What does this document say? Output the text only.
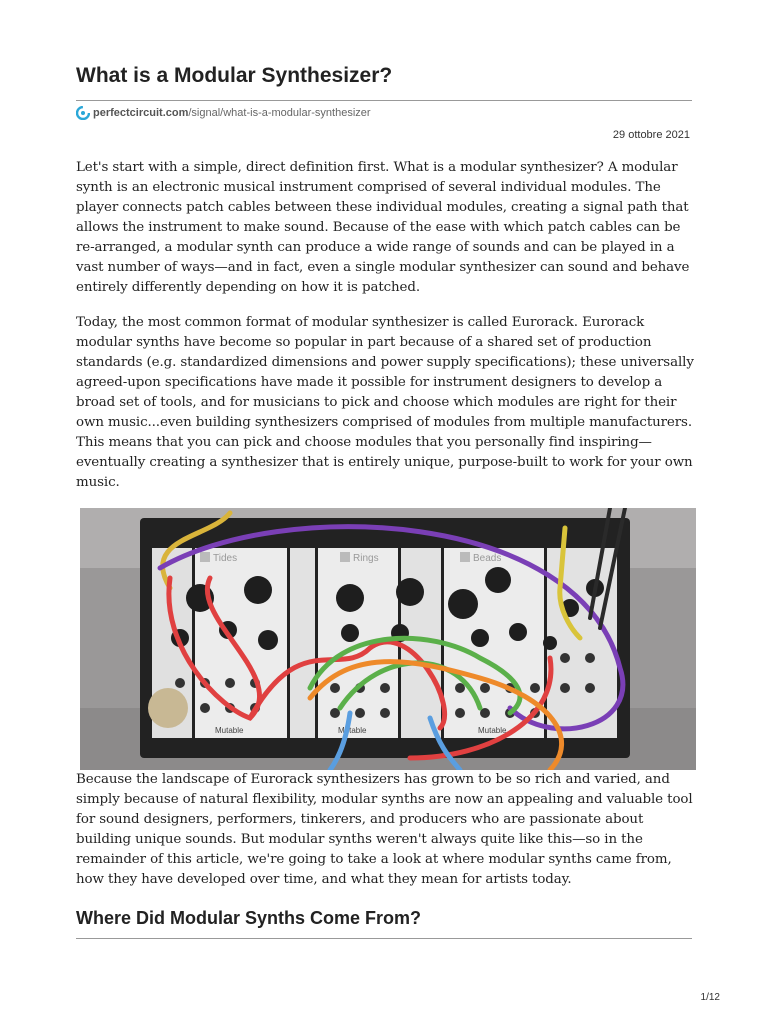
What is a Modular Synthesizer?
perfectcircuit.com /signal/what-is-a-modular-synthesizer
29 ottobre 2021

Let's start with a simple, direct definition first. What is a modular synthesizer? A modular synth is an electronic musical instrument comprised of several individual modules. The player connects patch cables between these individual modules, creating a signal path that allows the instrument to make sound. Because of the ease with which patch cables can be re-arranged, a modular synth can produce a wide range of sounds and can be played in a vast number of ways—and in fact, even a single modular synthesizer can sound and behave entirely differently depending on how it is patched.

Today, the most common format of modular synthesizer is called Eurorack. Eurorack modular synths have become so popular in part because of a shared set of production standards (e.g. standardized dimensions and power supply specifications); these universally agreed-upon specifications have made it possible for instrument designers to develop a broad set of tools, and for musicians to pick and choose which modules are right for their own music...even building synthesizers comprised of modules from multiple manufacturers. This means that you can pick and choose modules that you personally find inspiring—eventually creating a synthesizer that is entirely unique, purpose-built to work for your own music.

Tides	Rings	Beads
Mutable	Mutable	Mutable

Because the landscape of Eurorack synthesizers has grown to be so rich and varied, and simply because of natural flexibility, modular synths are now an appealing and valuable tool for sound designers, performers, tinkerers, and producers who are passionate about building unique sounds. But modular synths weren't always quite like this—so in the remainder of this article, we're going to take a look at where modular synths came from, how they have developed over time, and what they mean for artists today.

Where Did Modular Synths Come From?
1/12
